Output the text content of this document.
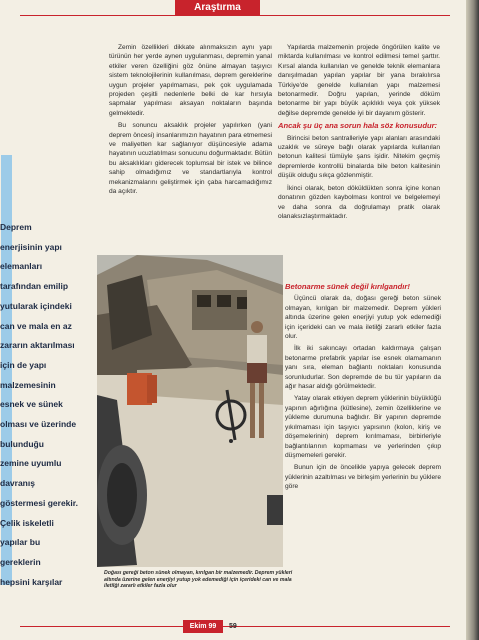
Araştırma
Deprem
enerjisinin yapı
elemanları
tarafından emilip
yutularak içindeki
can ve mala en az
zararın aktarılması
için de yapı
malzemesinin
esnek ve sünek
olması ve üzerinde
bulunduğu
zemine uyumlu
davranış
göstermesi gerekir.
Çelik iskeletli
yapılar bu
gereklerin
hepsini karşılar

Zemin özellikleri dikkate alınmaksızın aynı yapı türünün her yerde aynen uygulanması, depremin yanal etkiler veren özelliğini göz önüne almayan taşıyıcı sistem teknolojilerinin kullanılması, deprem gereklerine uygun projeler yapılmaması, pek çok uygulamada projeden çeşitli nedenlerle belki de kar hırsıyla sapmalar yapılması aksayan noktaların başında gelmektedir.

Bu sonuncu aksaklık projeler yapılırken (yani deprem öncesi) insanlarımızın hayatının para etmemesi ve maliyetten kar sağlanıyor düşüncesiyle adama hayatının ucuzlatılması sonucunu doğurmaktadır. Bütün bu aksaklıkları giderecek toplumsal bir istek ve bilince sahip olmadığımız ve standartlarıyla kontrol mekanizmalarını geliştirmek için çaba harcamadığımız da açıktır.

Yapılarda malzemenin projede öngörülen kalite ve miktarda kullanılması ve kontrol edilmesi temel şarttır. Kırsal alanda kullanılan ve genelde teknik elemanlara danışılmadan yapılan yapılar bir yana bırakılırsa Türkiye'de genelde kullanılan yapı malzemesi betonarmedir. Doğru yapılan, yerinde döküm betonarme bir yapı büyük açıklıklı veya çok yüksek değilse depremde genelde iyi bir dayanım gösterir.

Ancak şu üç ana sorun hala söz konusudur:

Birincisi beton santralleriyle yapı alanları arasındaki uzaklık ve süreye bağlı olarak yapılarda kullanılan betonun kalitesi tümüyle şans işidir. Nitekim geçmiş depremlerde kontrollü binalarda bile beton kalitesinin düşük olduğu sıkça gözlenmiştir.

İkinci olarak, beton döküldükten sonra içine konan donatının gözden kaybolması kontrol ve belgelemeyi ve daha sonra da doğrulamayı pratik olarak olanaksızlaştırmaktadır.

Betonarme sünek değil kırılgandır!

Üçüncü olarak da, doğası gereği beton sünek olmayan, kırılgan bir malzemedir. Deprem yükleri altında üzerine gelen enerjiyi yutup yok edemediği için içerideki can ve mala iletilği zararlı etkiler fazla olur.

İlk iki sakıncayı ortadan kaldırmaya çalışan betonarme prefabrik yapılar ise esnek olamamanın yanı sıra, eleman bağlantı noktaları konusunda sorunludurlar. Son depremde de bu tür yapıların da ağır hasar aldığı görülmektedir.

Yatay olarak etkiyen deprem yüklerinin büyüklüğü yapının ağırlığına (kütlesine), zemin özelliklerine ve yükleme durumuna bağlıdır. Bir yapının depremde yıkılmaması için taşıyıcı yapısının (kolon, kiriş ve döşemelerinin) deprem kırılmaması, birbirleriyle bağlantılarının kopmaması ve yerlerinden çıkıp düşmemeleri gerekir.

Bunun için de öncelikle yapıya gelecek deprem yüklerinin azaltılması ve birleşim yerlerinin bu yüklere göre

Doğası gereği beton sünek olmayan, kırılgan bir malzemedir. Deprem yükleri altında üzerine gelen enerjiyi yutup yok edemediği için içerideki can ve mala iletilği zararlı etkiler fazla olur
Ekim 99	59
